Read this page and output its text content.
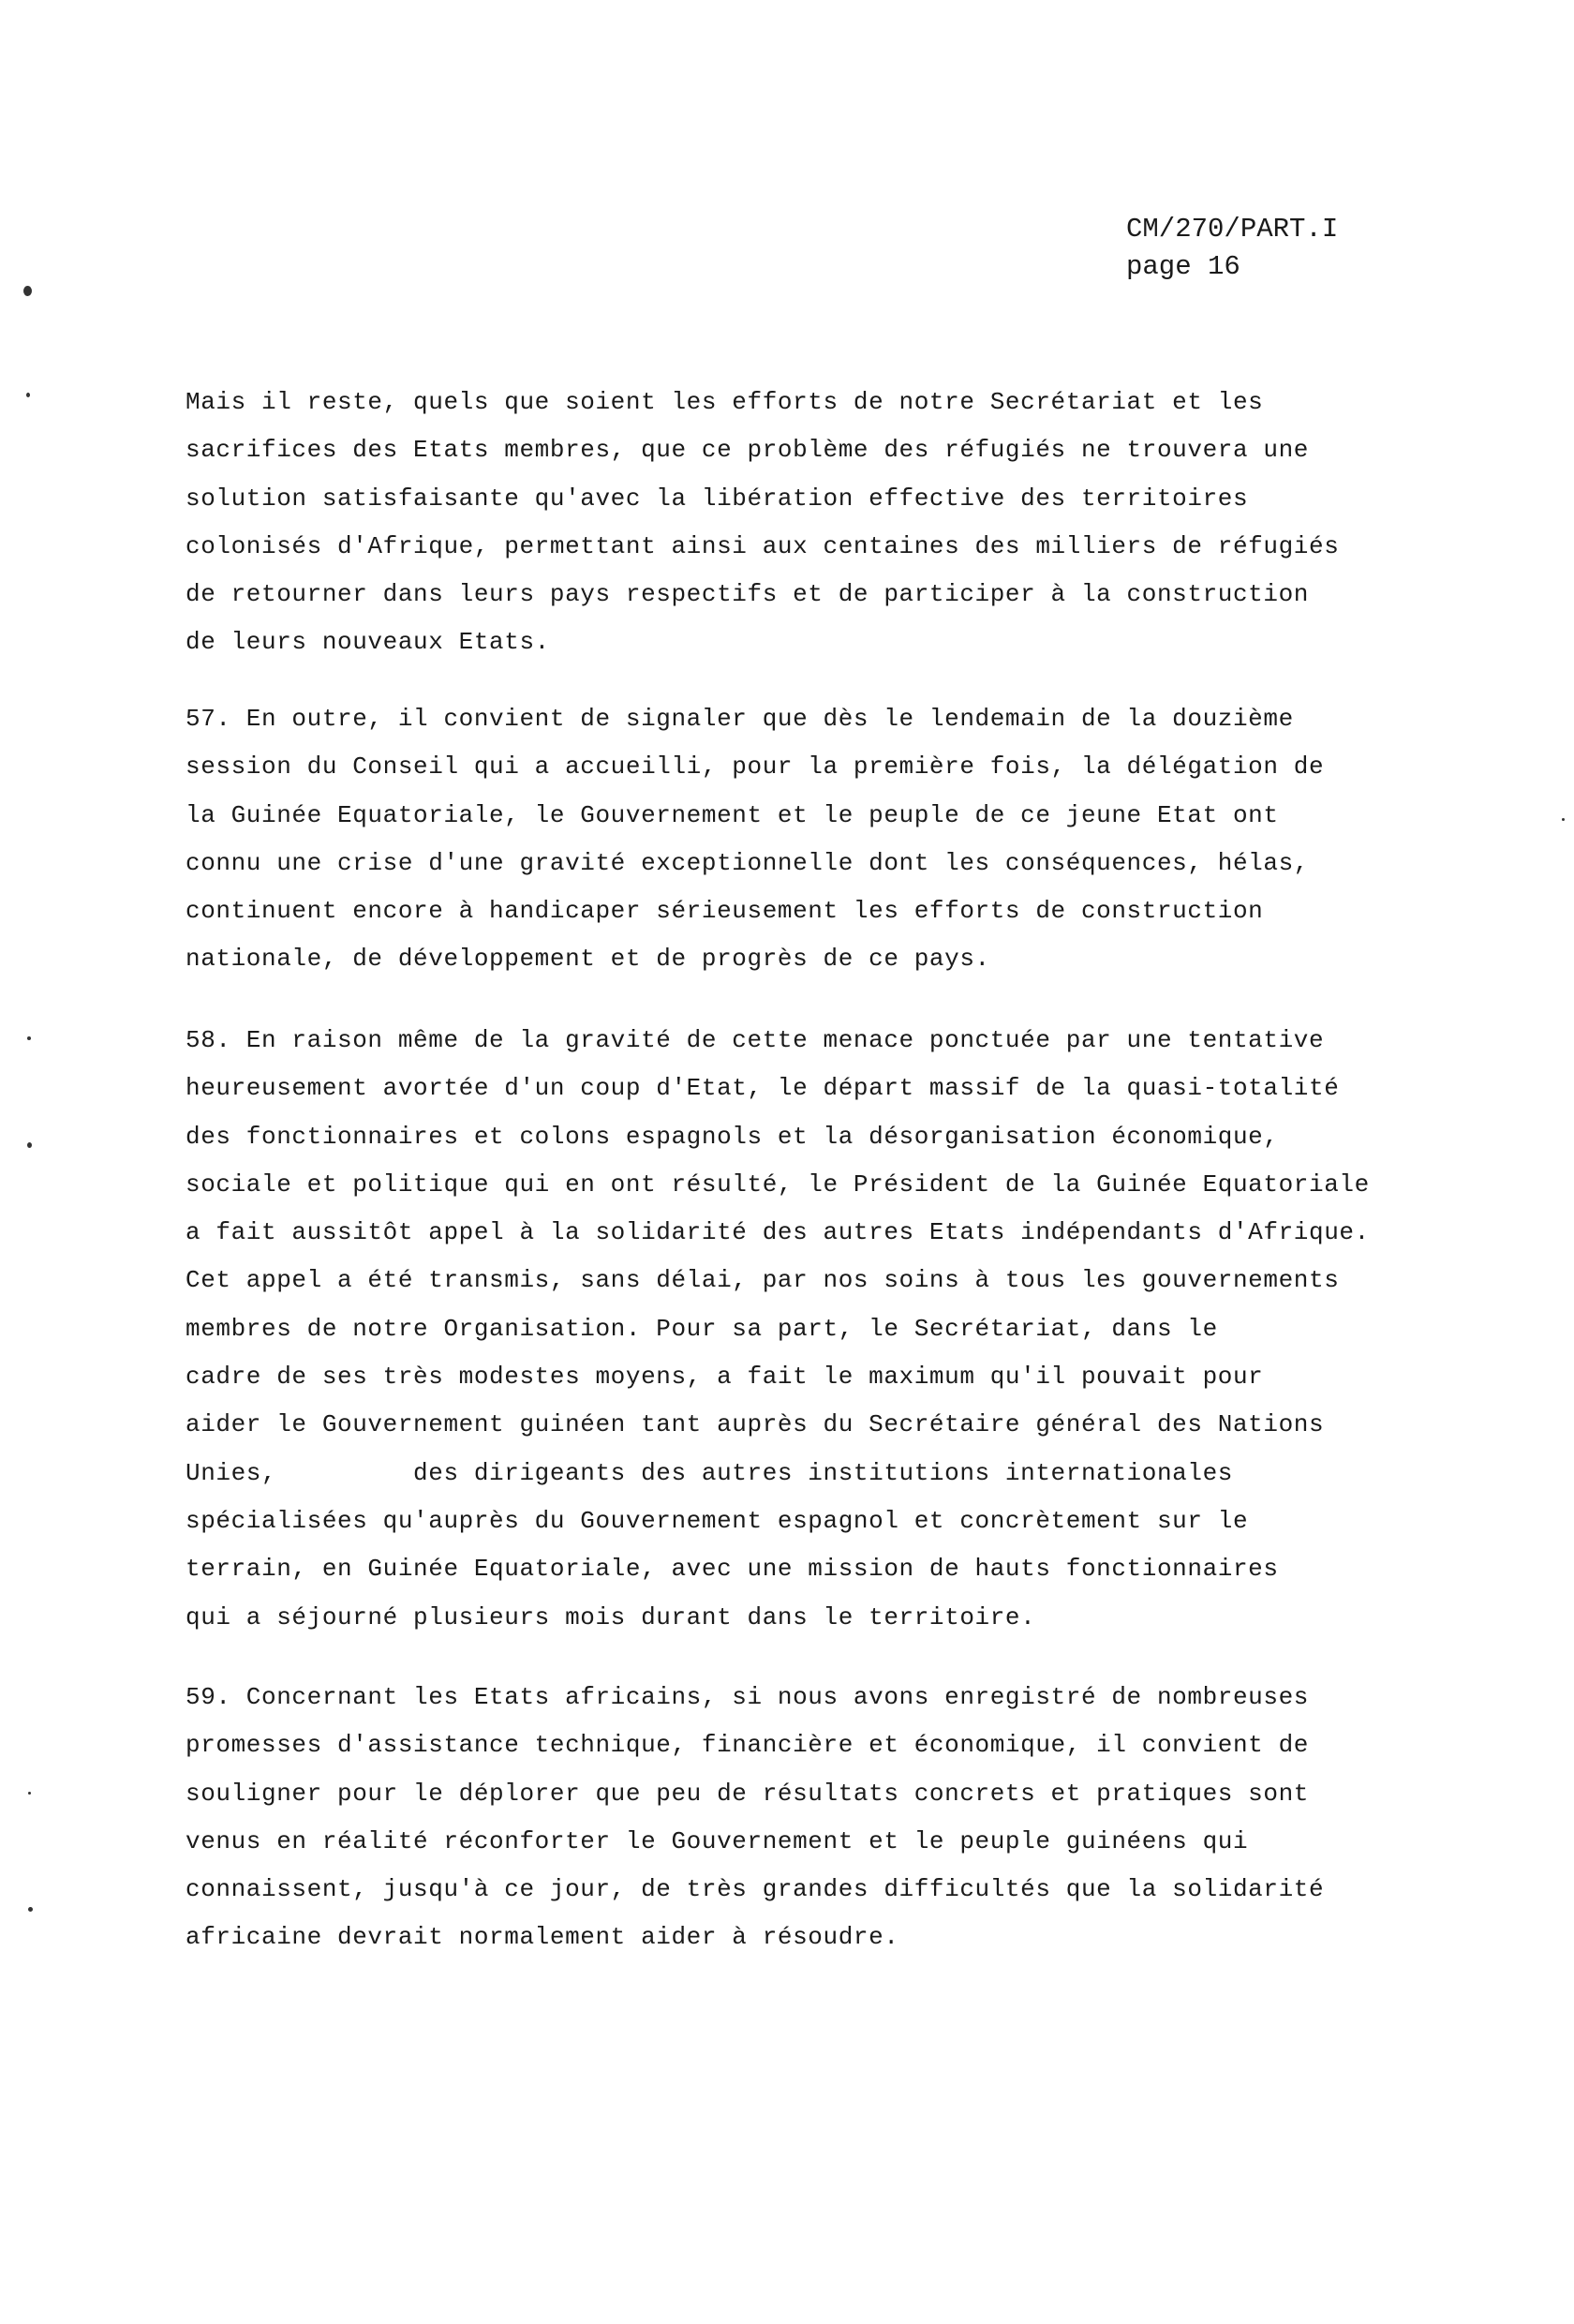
CM/270/PART.I
page 16
Mais il reste, quels que soient les efforts de notre Secrétariat et les
sacrifices des Etats membres, que ce problème des réfugiés ne trouvera une
solution satisfaisante qu'avec la libération effective des territoires
colonisés d'Afrique, permettant ainsi aux centaines des milliers de réfugiés
de retourner dans leurs pays respectifs et de participer à la construction
de leurs nouveaux Etats.
57. En outre, il convient de signaler que dès le lendemain de la douzième
session du Conseil qui a accueilli, pour la première fois, la délégation de
la Guinée Equatoriale, le Gouvernement et le peuple de ce jeune Etat ont
connu une crise d'une gravité exceptionnelle dont les conséquences, hélas,
continuent encore à handicaper sérieusement les efforts de construction
nationale, de développement et de progrès de ce pays.
58. En raison même de la gravité de cette menace ponctuée par une tentative
heureusement avortée d'un coup d'Etat, le départ massif de la quasi-totalité
des fonctionnaires et colons espagnols et la désorganisation économique,
sociale et politique qui en ont résulté, le Président de la Guinée Equatoriale
a fait aussitôt appel à la solidarité des autres Etats indépendants d'Afrique.
Cet appel a été transmis, sans délai, par nos soins à tous les gouvernements
membres de notre Organisation. Pour sa part, le Secrétariat, dans le
cadre de ses très modestes moyens, a fait le maximum qu'il pouvait pour
aider le Gouvernement guinéen tant auprès du Secrétaire général des Nations
Unies,         des dirigeants des autres institutions internationales
spécialisées qu'auprès du Gouvernement espagnol et concrètement sur le
terrain, en Guinée Equatoriale, avec une mission de hauts fonctionnaires
qui a séjourné plusieurs mois durant dans le territoire.
59. Concernant les Etats africains, si nous avons enregistré de nombreuses
promesses d'assistance technique, financière et économique, il convient de
souligner pour le déplorer que peu de résultats concrets et pratiques sont
venus en réalité réconforter le Gouvernement et le peuple guinéens qui
connaissent, jusqu'à ce jour, de très grandes difficultés que la solidarité
africaine devrait normalement aider à résoudre.
